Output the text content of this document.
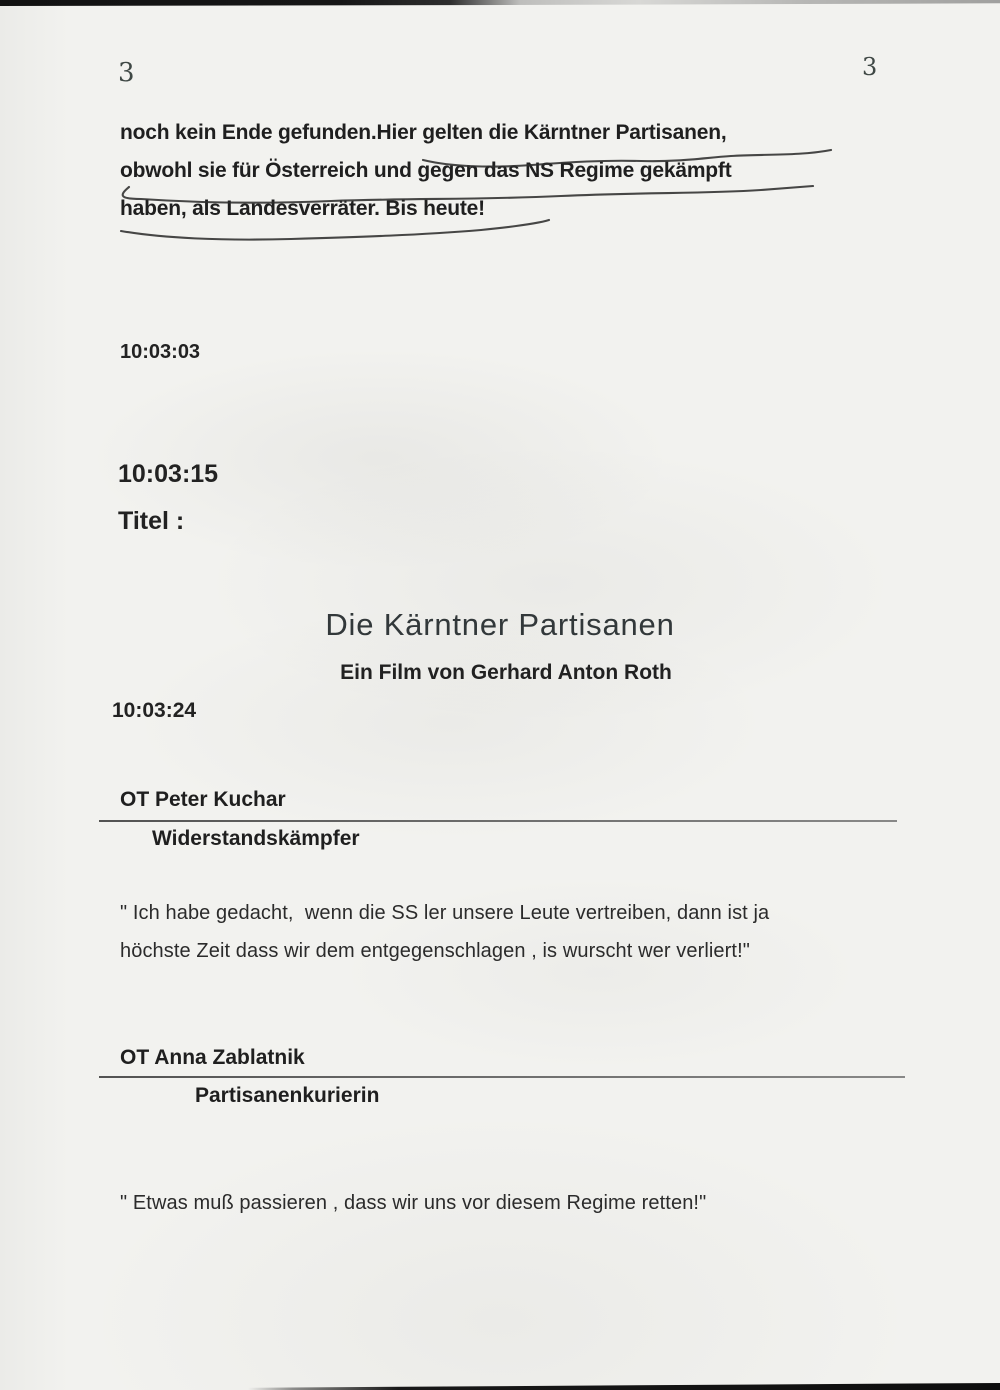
3	3
noch kein Ende gefunden.Hier gelten die Kärntner Partisanen,
obwohl sie für Österreich und gegen das NS Regime gekämpft
haben, als Landesverräter. Bis heute!
10:03:03
10:03:15
Titel :
Die Kärntner Partisanen
Ein Film von Gerhard Anton Roth
10:03:24
OT Peter Kuchar
Widerstandskämpfer
" Ich habe gedacht,  wenn die SS ler unsere Leute vertreiben, dann ist ja
höchste Zeit dass wir dem entgegenschlagen , is wurscht wer verliert!"
OT Anna Zablatnik
Partisanenkurierin
" Etwas muß passieren , dass wir uns vor diesem Regime retten!"
